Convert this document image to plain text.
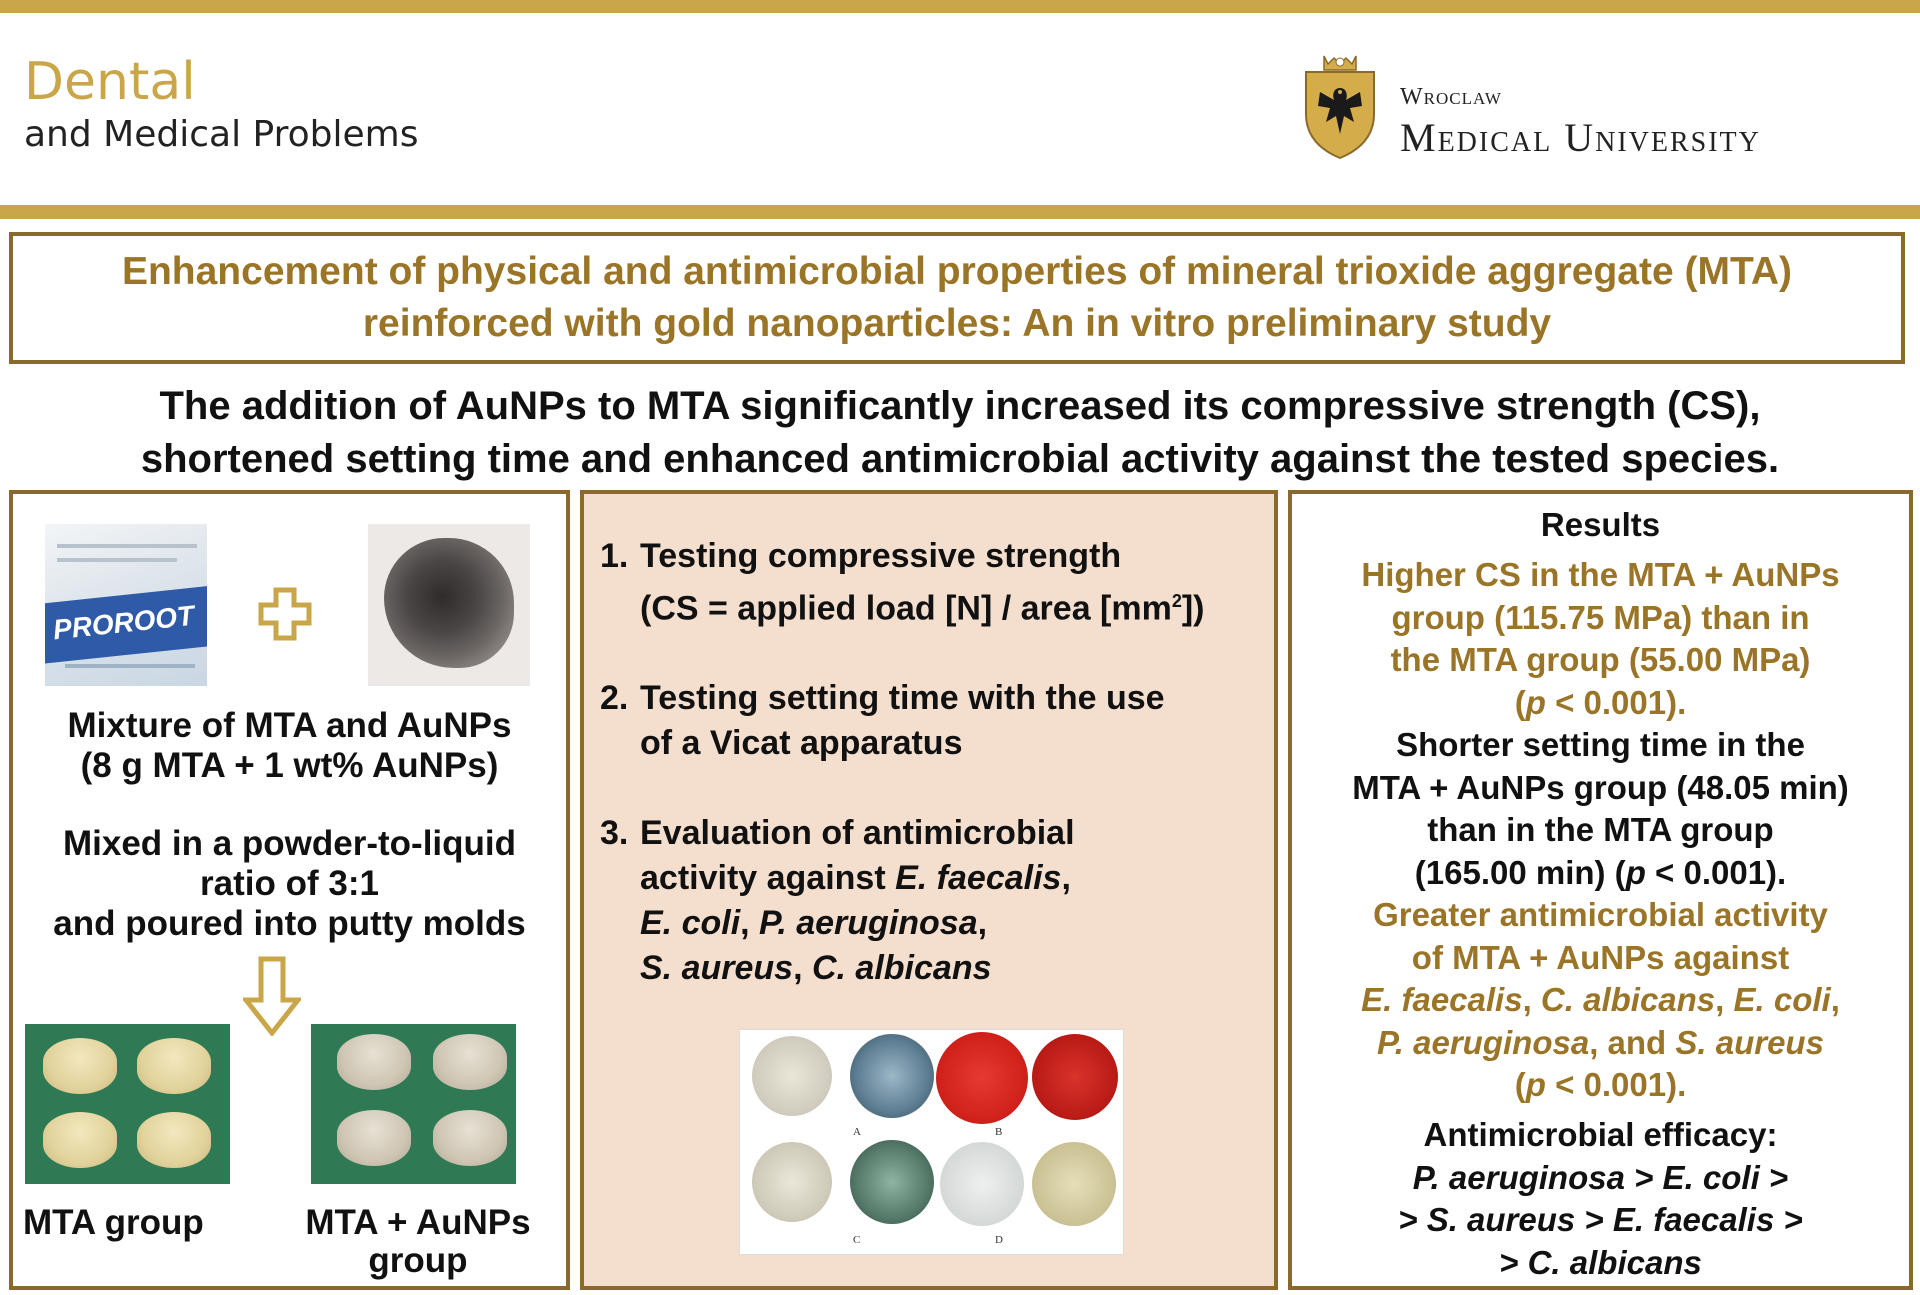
Dental
and Medical Problems
Wroclaw
Medical University
Enhancement of physical and antimicrobial properties of mineral trioxide aggregate (MTA)
reinforced with gold nanoparticles: An in vitro preliminary study
The addition of AuNPs to MTA significantly increased its compressive strength (CS),
shortened setting time and enhanced antimicrobial activity against the tested species.
PROROOT
Mixture of MTA and AuNPs
(8 g MTA + 1 wt% AuNPs)
Mixed in a powder-to-liquid
ratio of 3:1
and poured into putty molds
MTA group	MTA + AuNPs
group
1. Testing compressive strength
(CS = applied load [N] / area $[mm^2]$)
2. Testing setting time with the use
of a Vicat apparatus
3. Evaluation of antimicrobial
activity against E. faecalis,
E. coli, P. aeruginosa,
S. aureus, C. albicans
A	B
C	D
Results
Higher CS in the MTA + AuNPs
group (115.75 MPa) than in
the MTA group (55.00 MPa)
(p < 0.001).
Shorter setting time in the
MTA + AuNPs group (48.05 min)
than in the MTA group
(165.00 min) (p < 0.001).
Greater antimicrobial activity
of MTA + AuNPs against
E. faecalis, C. albicans, E. coli,
P. aeruginosa, and S. aureus
(p < 0.001).
Antimicrobial efficacy:
P. aeruginosa > E. coli >
> S. aureus > E. faecalis >
> C. albicans
